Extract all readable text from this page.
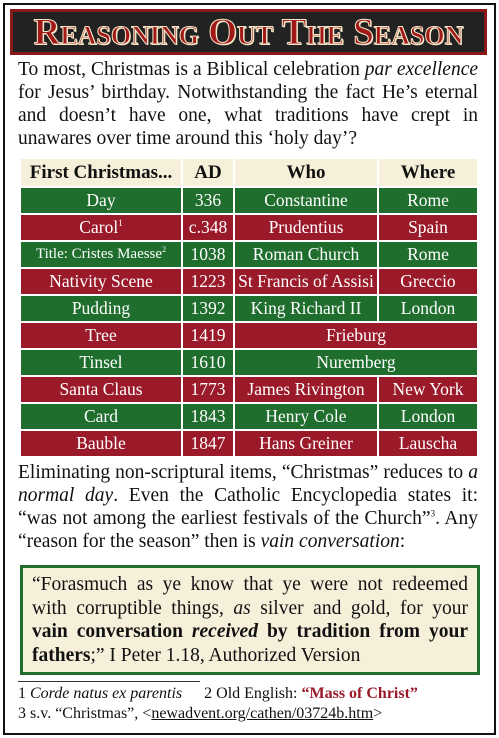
Reasoning Out The Season

To most, Christmas is a Biblical celebration par excellence for Jesus’ birthday. Notwithstanding the fact He’s eternal and doesn’t have one, what traditions have crept in unawares over time around this ‘holy day’?

First Christmas...	AD	Who	Where
Day	336	Constantine	Rome
Carol$^1$	c.348	Prudentius	Spain
Title: Cristes Maesse$^2$	1038	Roman Church	Rome
Nativity Scene	1223	St Francis of Assisi	Greccio
Pudding	1392	King Richard II	London
Tree	1419	Frieburg	
Tinsel	1610	Nuremberg	
Santa Claus	1773	James Rivington	New York
Card	1843	Henry Cole	London
Bauble	1847	Hans Greiner	Lauscha

Eliminating non-scriptural items, “Christmas” reduces to a normal day. Even the Catholic Encyclopedia states it: “was not among the earliest festivals of the Church”$^3$. Any “reason for the season” then is vain conversation:

“Forasmuch as ye know that ye were not redeemed with corruptible things, as silver and gold, for your vain conversation received by tradition from your fathers;” I Peter 1.18, Authorized Version
1 Corde natus ex parentis 2 Old English: “Mass of Christ”
3 s.v. “Christmas”, <newadvent.org/cathen/03724b.htm>
